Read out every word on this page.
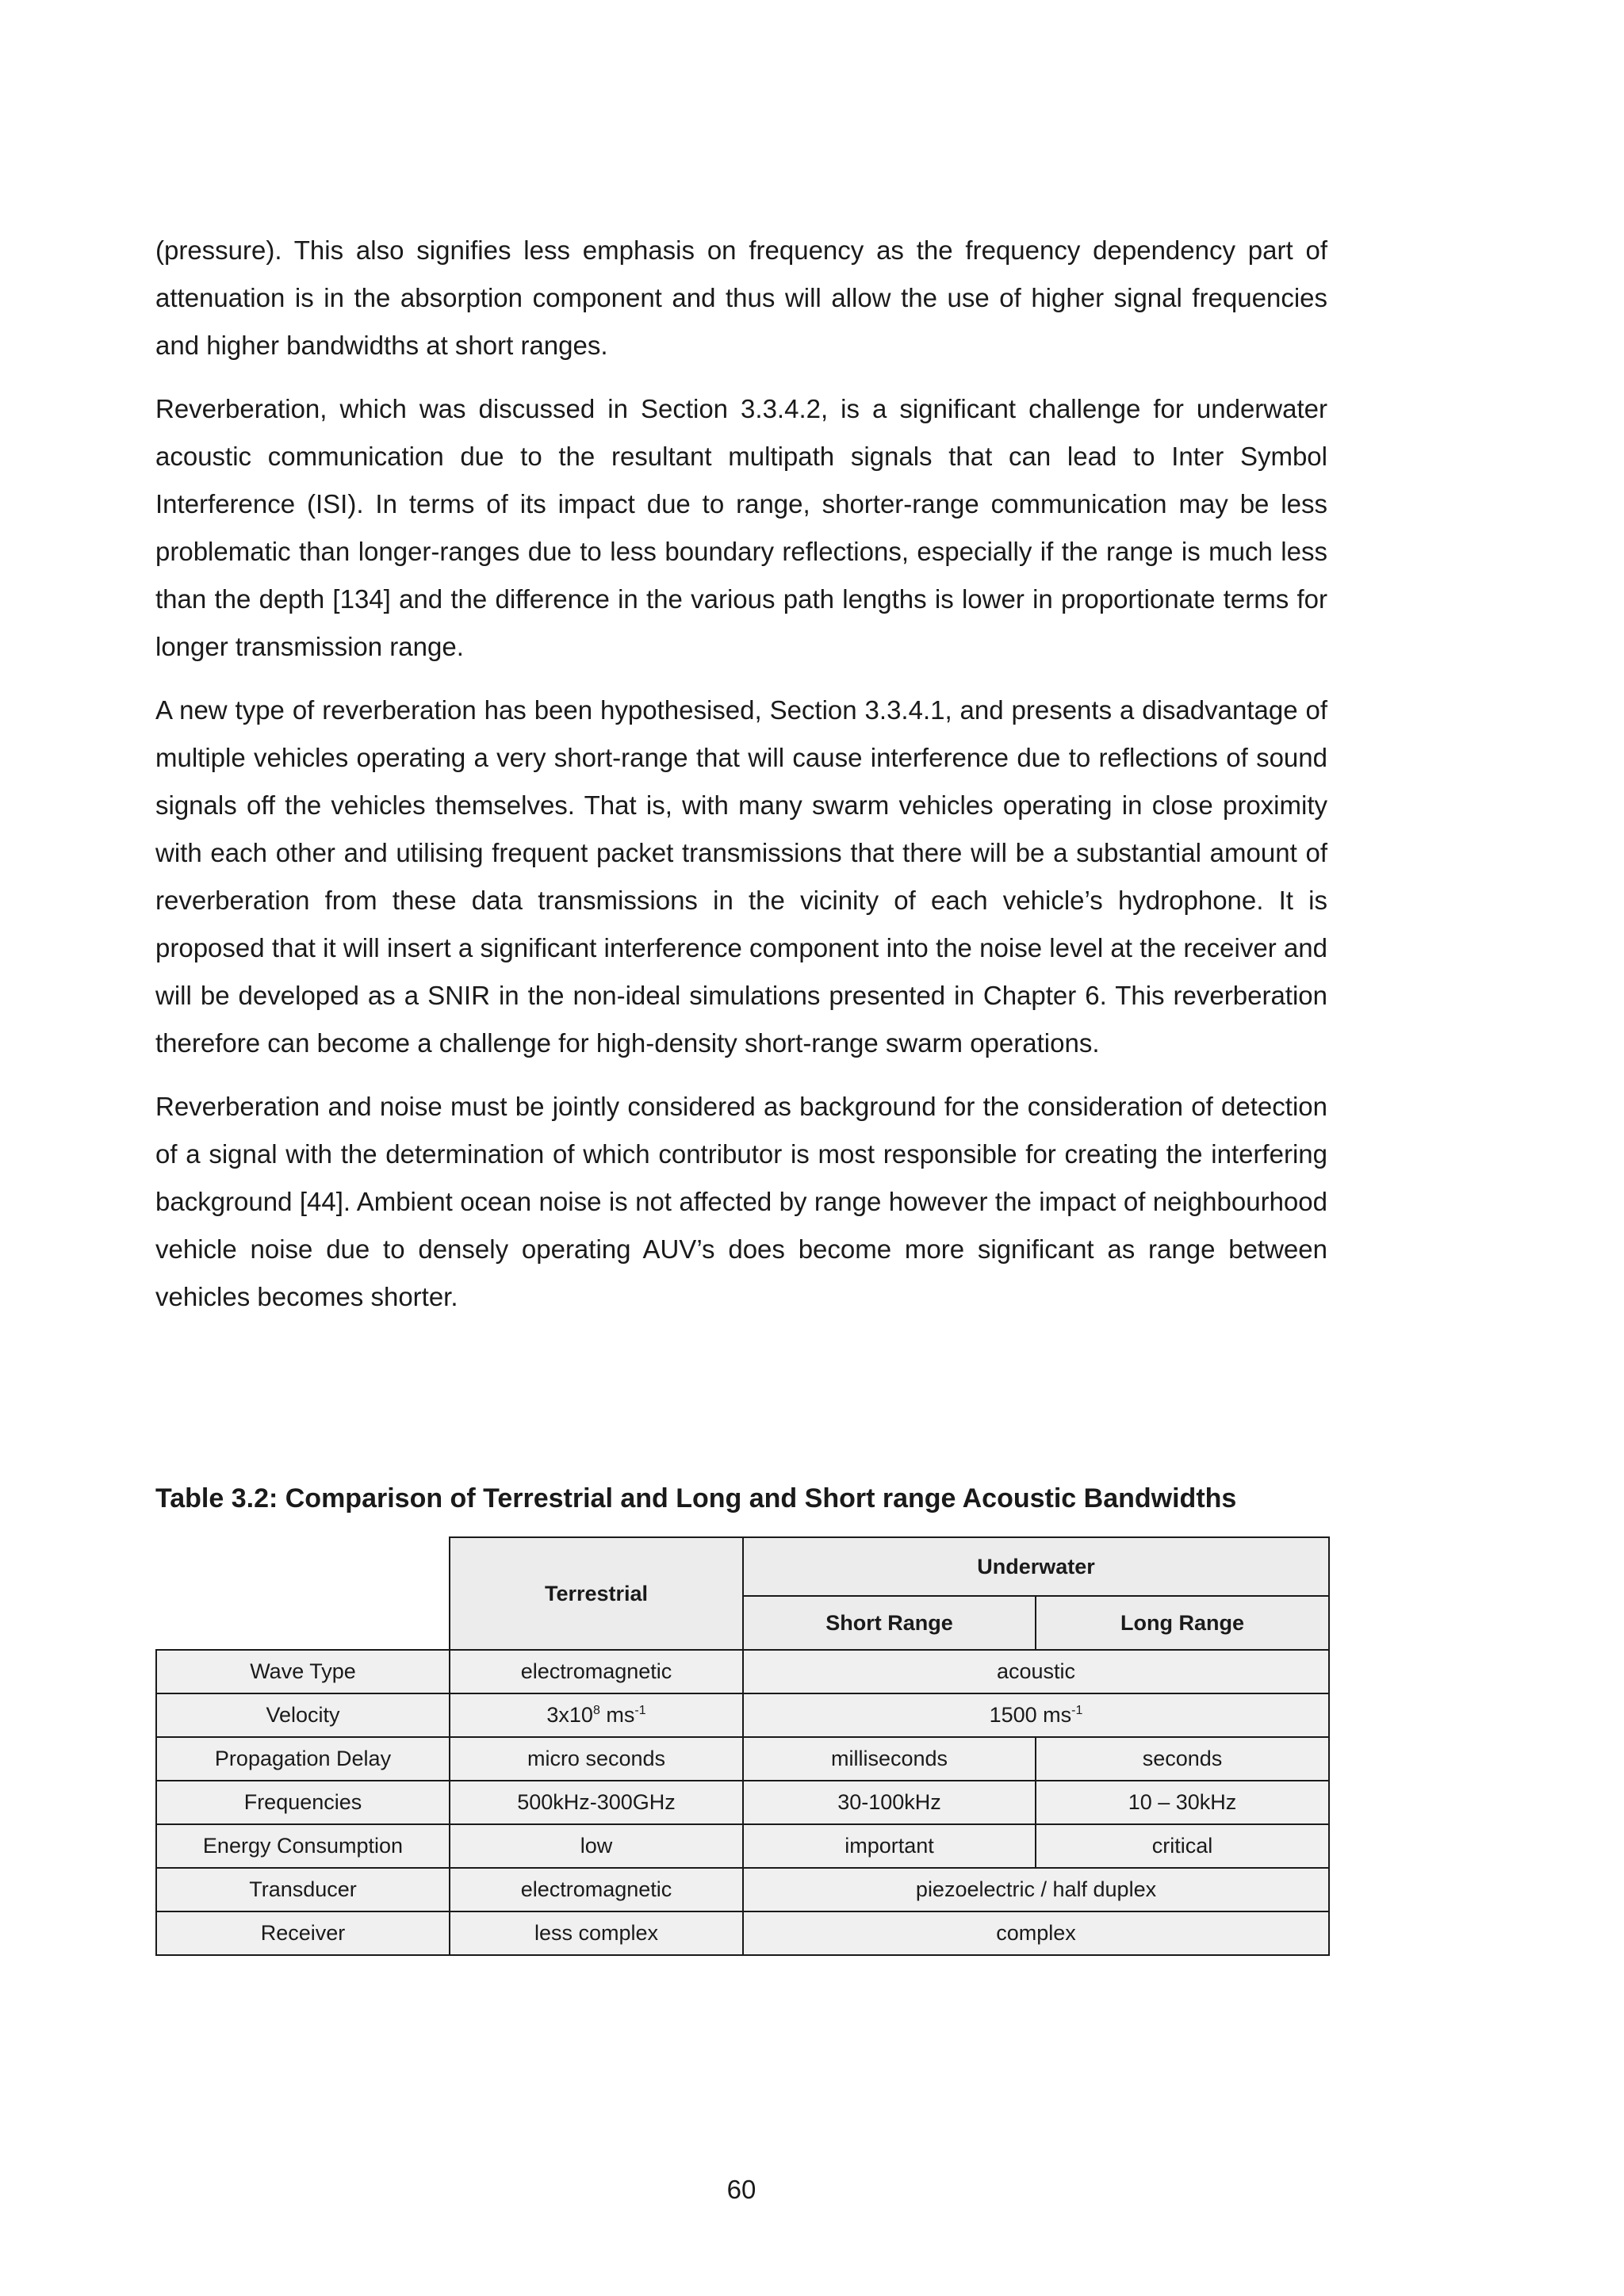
(pressure). This also signifies less emphasis on frequency as the frequency dependency part of attenuation is in the absorption component and thus will allow the use of higher signal frequencies and higher bandwidths at short ranges.

Reverberation, which was discussed in Section 3.3.4.2, is a significant challenge for underwater acoustic communication due to the resultant multipath signals that can lead to Inter Symbol Interference (ISI). In terms of its impact due to range, shorter-range communication may be less problematic than longer-ranges due to less boundary reflections, especially if the range is much less than the depth [134] and the difference in the various path lengths is lower in proportionate terms for longer transmission range.

A new type of reverberation has been hypothesised, Section 3.3.4.1, and presents a disadvantage of multiple vehicles operating a very short-range that will cause interference due to reflections of sound signals off the vehicles themselves. That is, with many swarm vehicles operating in close proximity with each other and utilising frequent packet transmissions that there will be a substantial amount of reverberation from these data transmissions in the vicinity of each vehicle’s hydrophone. It is proposed that it will insert a significant interference component into the noise level at the receiver and will be developed as a SNIR in the non-ideal simulations presented in Chapter 6. This reverberation therefore can become a challenge for high-density short-range swarm operations.

Reverberation and noise must be jointly considered as background for the consideration of detection of a signal with the determination of which contributor is most responsible for creating the interfering background [44]. Ambient ocean noise is not affected by range however the impact of neighbourhood vehicle noise due to densely operating AUV’s does become more significant as range between vehicles becomes shorter.

Table 3.2: Comparison of Terrestrial and Long and Short range Acoustic Bandwidths

	Terrestrial	Underwater	
		Short Range	Long Range
Wave Type	electromagnetic	acoustic	
Velocity	$3x10^8$ $ms^{-1}$	1500 $ms^{-1}$
Propagation Delay	micro seconds	milliseconds	seconds
Frequencies	500kHz-300GHz	30-100kHz	10 – 30kHz
Energy Consumption	low	important	critical
Transducer	electromagnetic	piezoelectric / half duplex	
Receiver	less complex	complex	
60
